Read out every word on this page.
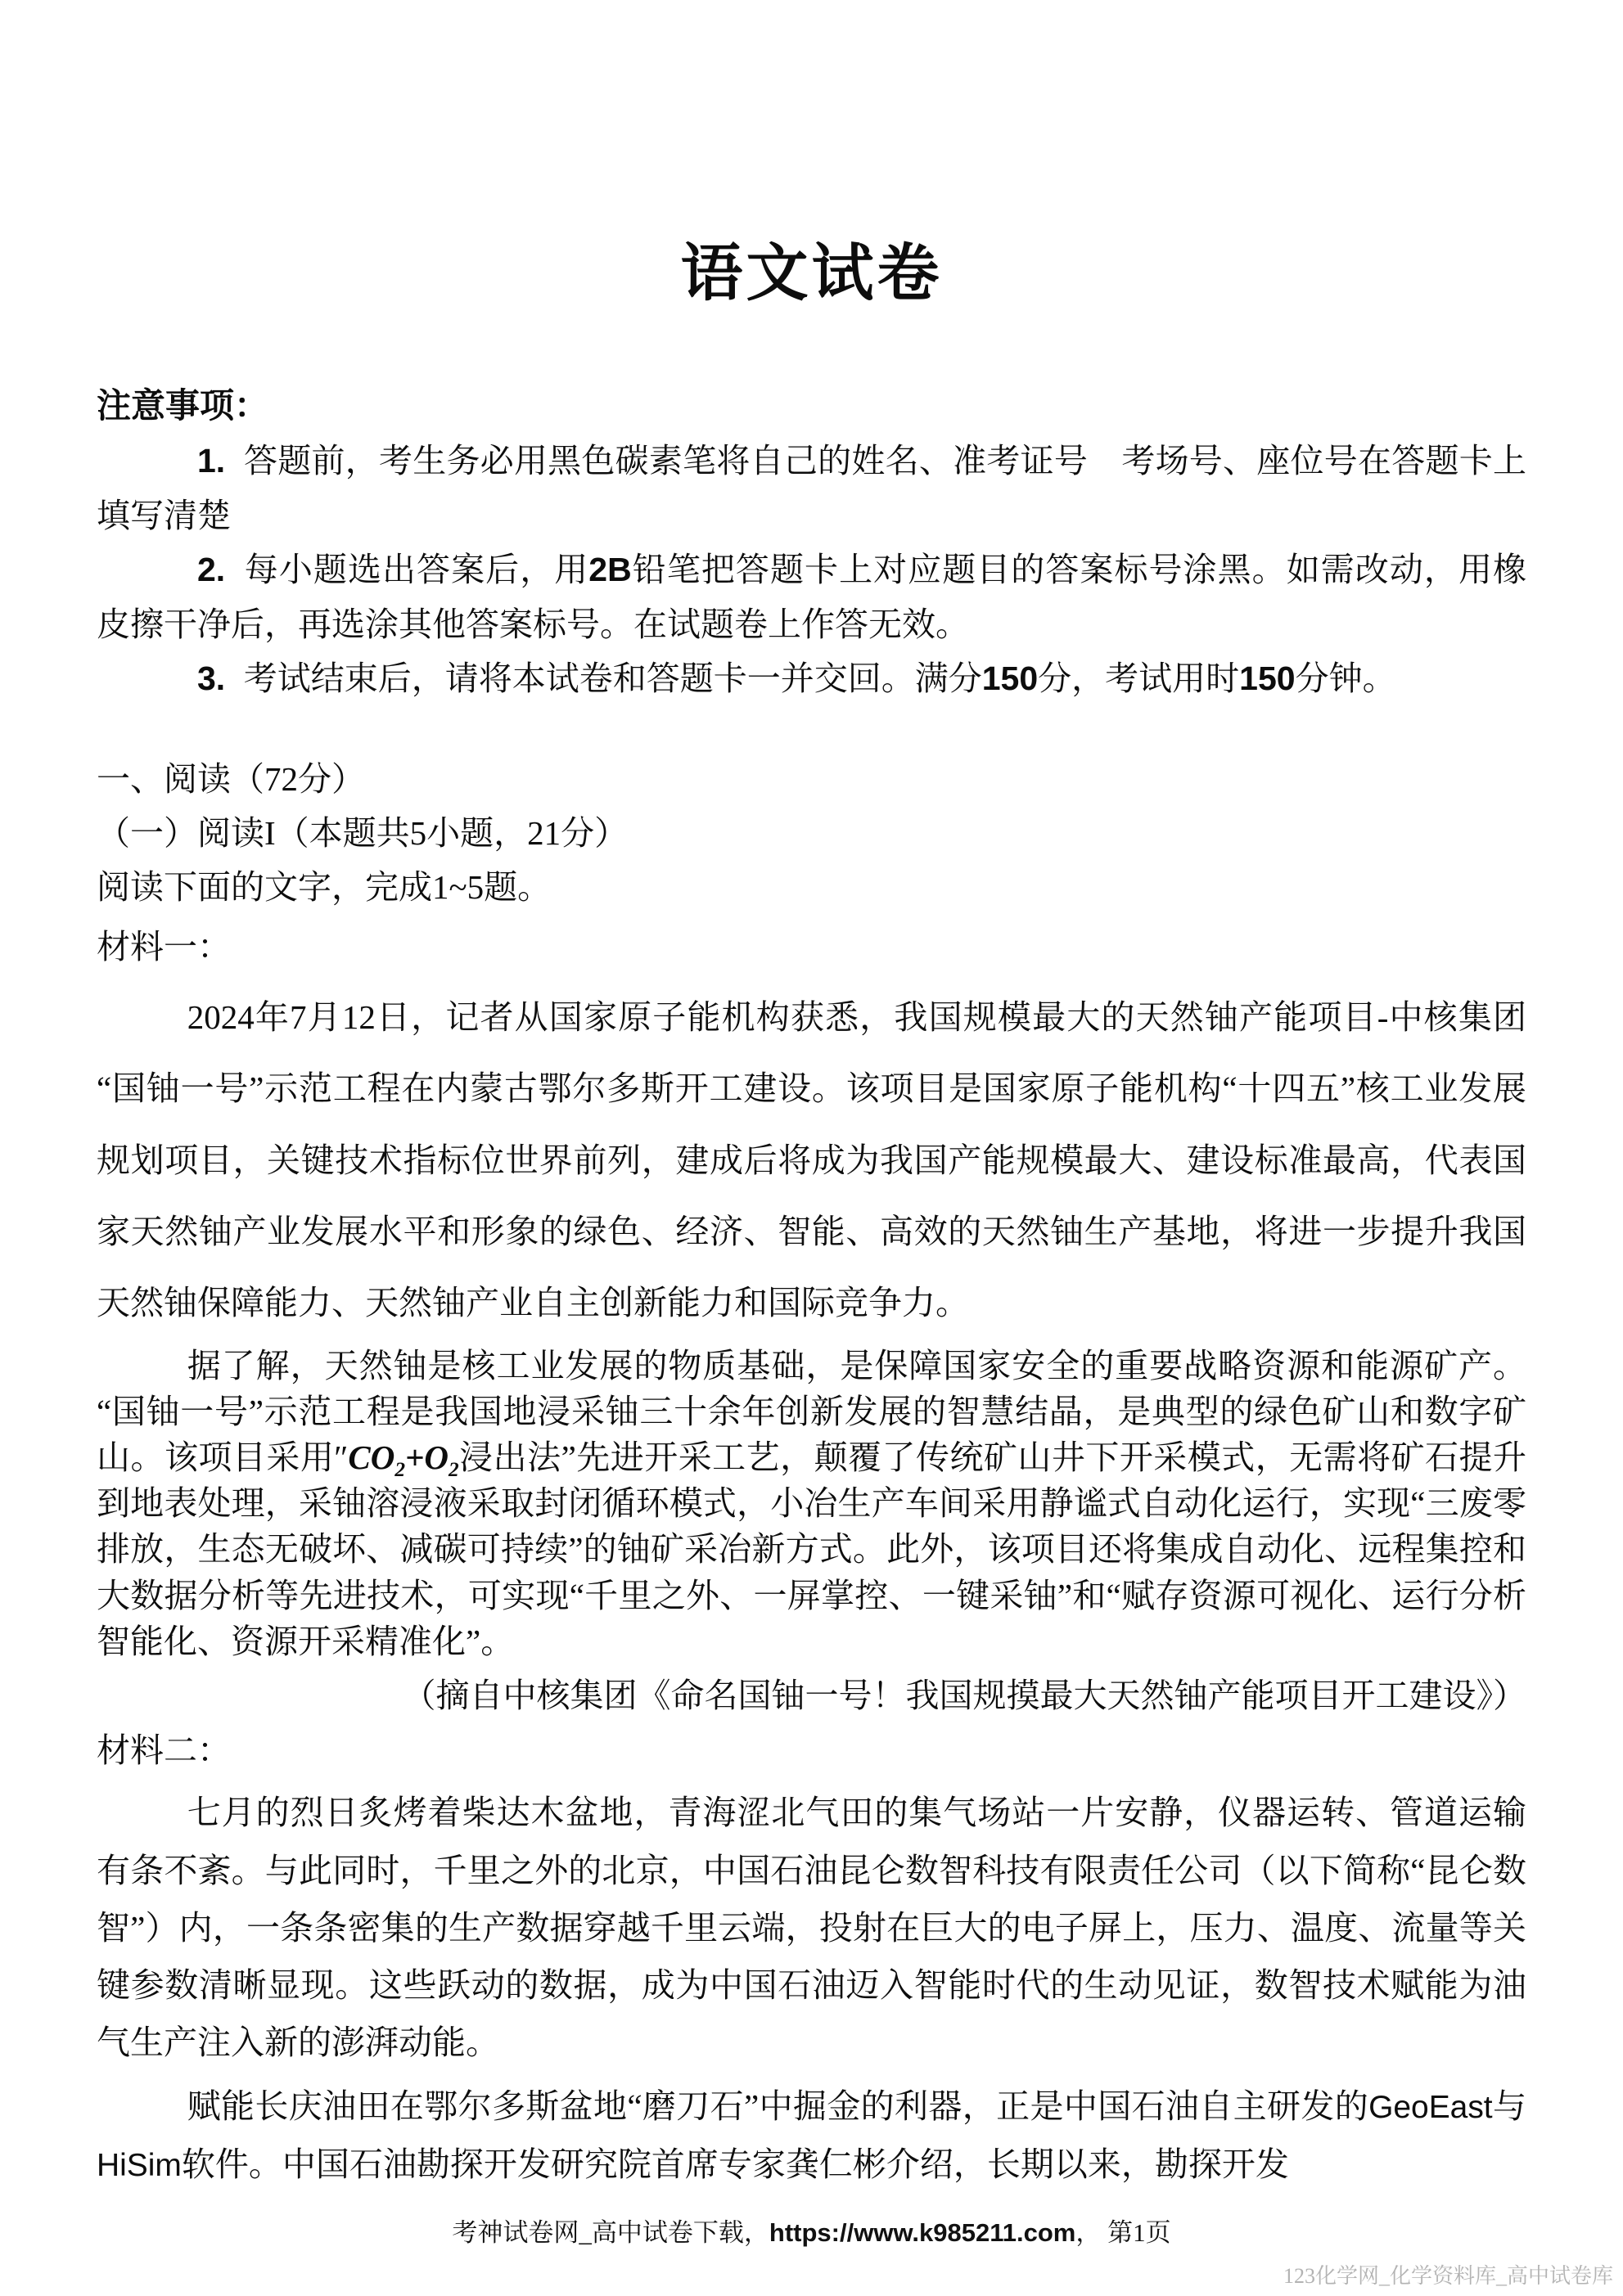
语文试卷

注意事项：

1. 答题前，考生务必用黑色碳素笔将自己的姓名、准考证号　考场号、座位号在答题卡上填写清楚

2. 每小题选出答案后，用2B铅笔把答题卡上对应题目的答案标号涂黑。如需改动，用橡皮擦干净后，再选涂其他答案标号。在试题卷上作答无效。

3. 考试结束后，请将本试卷和答题卡一并交回。满分150分，考试用时150分钟。

一、阅读（72分）

（一）阅读I（本题共5小题，21分）

阅读下面的文字，完成1~5题。

材料一：

2024年7月12日，记者从国家原子能机构获悉，我国规模最大的天然铀产能项目-中核集团“国铀一号”示范工程在内蒙古鄂尔多斯开工建设。该项目是国家原子能机构“十四五”核工业发展规划项目，关键技术指标位世界前列，建成后将成为我国产能规模最大、建设标准最高，代表国家天然铀产业发展水平和形象的绿色、经济、智能、高效的天然铀生产基地，将进一步提升我国天然铀保障能力、天然铀产业自主创新能力和国际竞争力。

据了解，天然铀是核工业发展的物质基础，是保障国家安全的重要战略资源和能源矿产。“国铀一号”示范工程是我国地浸采铀三十余年创新发展的智慧结晶，是典型的绿色矿山和数字矿山。该项目采用$''CO_2+O_2$浸出法”先进开采工艺，颠覆了传统矿山井下开采模式，无需将矿石提升到地表处理，采铀溶浸液采取封闭循环模式，小冶生产车间采用静谧式自动化运行，实现“三废零排放，生态无破坏、减碳可持续”的铀矿采冶新方式。此外，该项目还将集成自动化、远程集控和大数据分析等先进技术，可实现“千里之外、一屏掌控、一键采铀”和“赋存资源可视化、运行分析智能化、资源开采精准化”。

（摘自中核集团《命名国铀一号！我国规摸最大天然铀产能项目开工建设》）

材料二：

七月的烈日炙烤着柴达木盆地，青海涩北气田的集气场站一片安静，仪器运转、管道运输有条不紊。与此同时，千里之外的北京，中国石油昆仑数智科技有限责任公司（以下简称“昆仑数智”）内，一条条密集的生产数据穿越千里云端，投射在巨大的电子屏上，压力、温度、流量等关键参数清晰显现。这些跃动的数据，成为中国石油迈入智能时代的生动见证，数智技术赋能为油气生产注入新的澎湃动能。

赋能长庆油田在鄂尔多斯盆地“磨刀石”中掘金的利器，正是中国石油自主研发的GeoEast与HiSim软件。中国石油勘探开发研究院首席专家龚仁彬介绍，长期以来，勘探开发

考神试卷网_高中试卷下载，https://www.k985211.com， 第1页

123化学网_化学资料库_高中试卷库
